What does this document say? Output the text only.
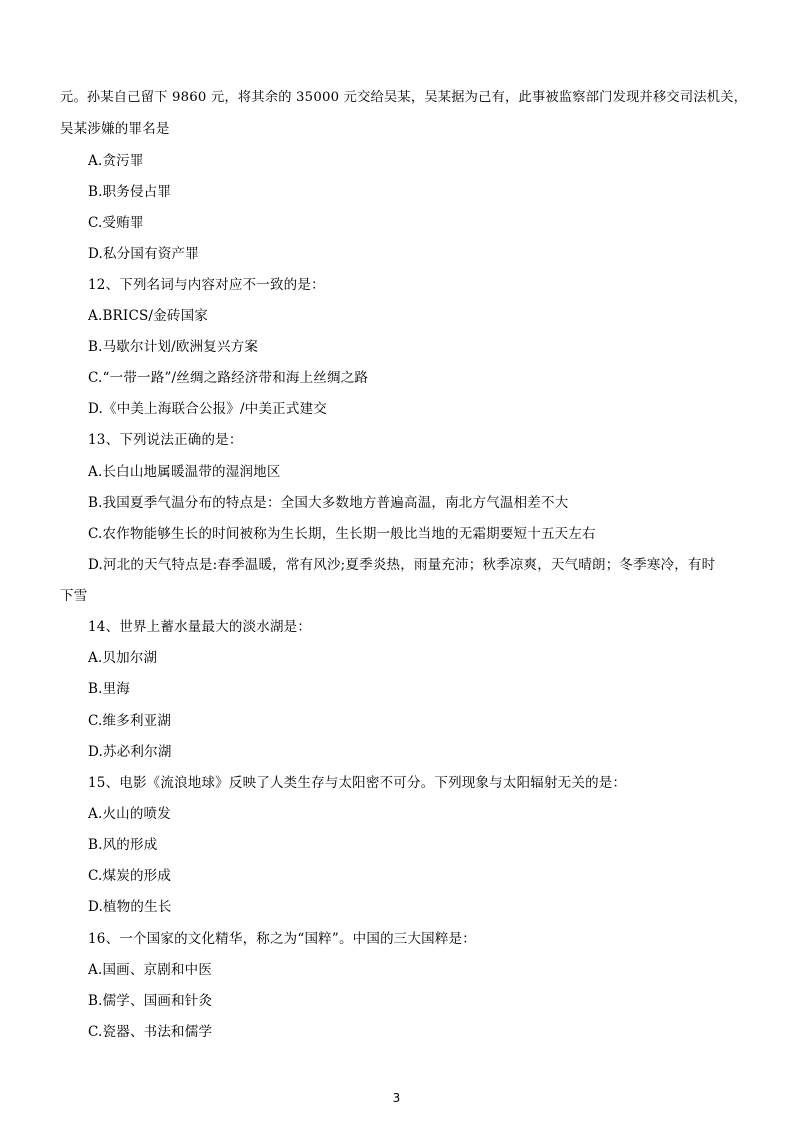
元。孙某自己留下 9860 元，将其余的 35000 元交给吴某，吴某据为己有，此事被监察部门发现并移交司法机关，
吴某涉嫌的罪名是
A.贪污罪
B.职务侵占罪
C.受贿罪
D.私分国有资产罪
12、下列名词与内容对应不一致的是：
A.BRICS/金砖国家
B.马歇尔计划/欧洲复兴方案
C.“一带一路”/丝绸之路经济带和海上丝绸之路
D.《中美上海联合公报》/中美正式建交
13、下列说法正确的是：
A.长白山地属暖温带的湿润地区
B.我国夏季气温分布的特点是：全国大多数地方普遍高温，南北方气温相差不大
C.农作物能够生长的时间被称为生长期，生长期一般比当地的无霜期要短十五天左右
D.河北的天气特点是:春季温暖，常有风沙;夏季炎热，雨量充沛；秋季凉爽，天气晴朗；冬季寒冷，有时
下雪
14、世界上蓄水量最大的淡水湖是：
A.贝加尔湖
B.里海
C.维多利亚湖
D.苏必利尔湖
15、电影《流浪地球》反映了人类生存与太阳密不可分。下列现象与太阳辐射无关的是：
A.火山的喷发
B.风的形成
C.煤炭的形成
D.植物的生长
16、一个国家的文化精华，称之为“国粹”。中国的三大国粹是：
A.国画、京剧和中医
B.儒学、国画和针灸
C.瓷器、书法和儒学
3
